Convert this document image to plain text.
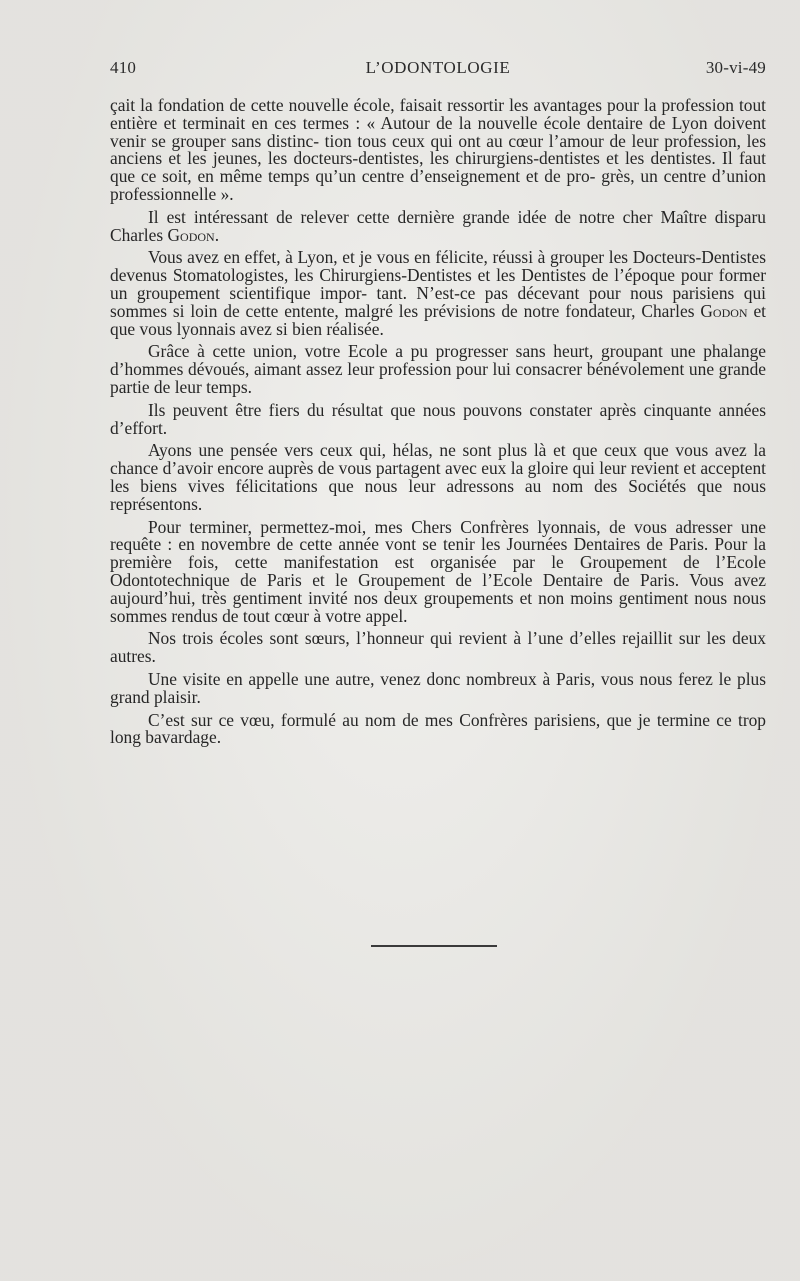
410	L’ODONTOLOGIE	30-vi-49

çait la fondation de cette nouvelle école, faisait ressortir les avantages pour la profession tout entière et terminait en ces termes : « Autour de la nouvelle école dentaire de Lyon doivent venir se grouper sans distinc- tion tous ceux qui ont au cœur l’amour de leur profession, les anciens et les jeunes, les docteurs-dentistes, les chirurgiens-dentistes et les dentistes. Il faut que ce soit, en même temps qu’un centre d’enseignement et de pro- grès, un centre d’union professionnelle ».

Il est intéressant de relever cette dernière grande idée de notre cher Maître disparu Charles Godon.

Vous avez en effet, à Lyon, et je vous en félicite, réussi à grouper les Docteurs-Dentistes devenus Stomatologistes, les Chirurgiens-Dentistes et les Dentistes de l’époque pour former un groupement scientifique impor- tant. N’est-ce pas décevant pour nous parisiens qui sommes si loin de cette entente, malgré les prévisions de notre fondateur, Charles Godon et que vous lyonnais avez si bien réalisée.

Grâce à cette union, votre Ecole a pu progresser sans heurt, groupant une phalange d’hommes dévoués, aimant assez leur profession pour lui consacrer bénévolement une grande partie de leur temps.

Ils peuvent être fiers du résultat que nous pouvons constater après cinquante années d’effort.

Ayons une pensée vers ceux qui, hélas, ne sont plus là et que ceux que vous avez la chance d’avoir encore auprès de vous partagent avec eux la gloire qui leur revient et acceptent les biens vives félicitations que nous leur adressons au nom des Sociétés que nous représentons.

Pour terminer, permettez-moi, mes Chers Confrères lyonnais, de vous adresser une requête : en novembre de cette année vont se tenir les Journées Dentaires de Paris. Pour la première fois, cette manifestation est organisée par le Groupement de l’Ecole Odontotechnique de Paris et le Groupement de l’Ecole Dentaire de Paris. Vous avez aujourd’hui, très gentiment invité nos deux groupements et non moins gentiment nous nous sommes rendus de tout cœur à votre appel.

Nos trois écoles sont sœurs, l’honneur qui revient à l’une d’elles rejaillit sur les deux autres.

Une visite en appelle une autre, venez donc nombreux à Paris, vous nous ferez le plus grand plaisir.

C’est sur ce vœu, formulé au nom de mes Confrères parisiens, que je termine ce trop long bavardage.
